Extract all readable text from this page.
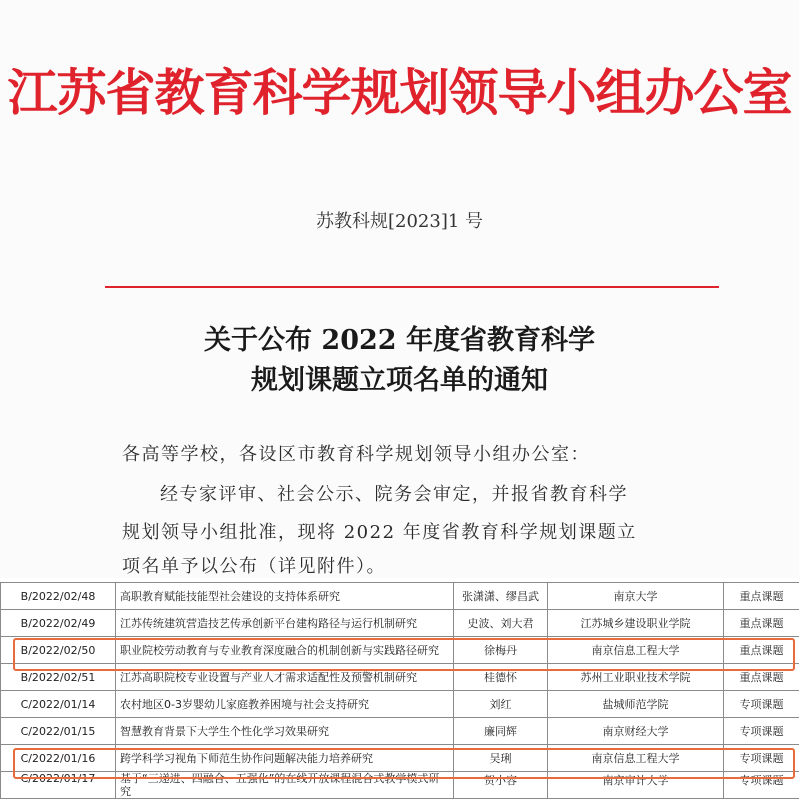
江苏省教育科学规划领导小组办公室
苏教科规[2023]1 号
关于公布 2022 年度省教育科学
规划课题立项名单的通知
各高等学校，各设区市教育科学规划领导小组办公室：
经专家评审、社会公示、院务会审定，并报省教育科学
规划领导小组批准，现将 2022 年度省教育科学规划课题立
项名单予以公布（详见附件）。
B/2022/02/48	高职教育赋能技能型社会建设的支持体系研究	张潇潇、缪昌武	南京大学	重点课题
B/2022/02/49	江苏传统建筑营造技艺传承创新平台建构路径与运行机制研究	史波、刘大君	江苏城乡建设职业学院	重点课题
B/2022/02/50	职业院校劳动教育与专业教育深度融合的机制创新与实践路径研究	徐梅丹	南京信息工程大学	重点课题
B/2022/02/51	江苏高职院校专业设置与产业人才需求适配性及预警机制研究	桂德怀	苏州工业职业技术学院	重点课题
C/2022/01/14	农村地区0-3岁婴幼儿家庭教养困境与社会支持研究	刘红	盐城师范学院	专项课题
C/2022/01/15	智慧教育背景下大学生个性化学习效果研究	廉同辉	南京财经大学	专项课题
C/2022/01/16	跨学科学习视角下师范生协作问题解决能力培养研究	吴琍	南京信息工程大学	专项课题
C/2022/01/17	基于“三递进、四融合、五强化”的在线开放课程混合式教学模式研究	贺小容	南京审计大学	专项课题
